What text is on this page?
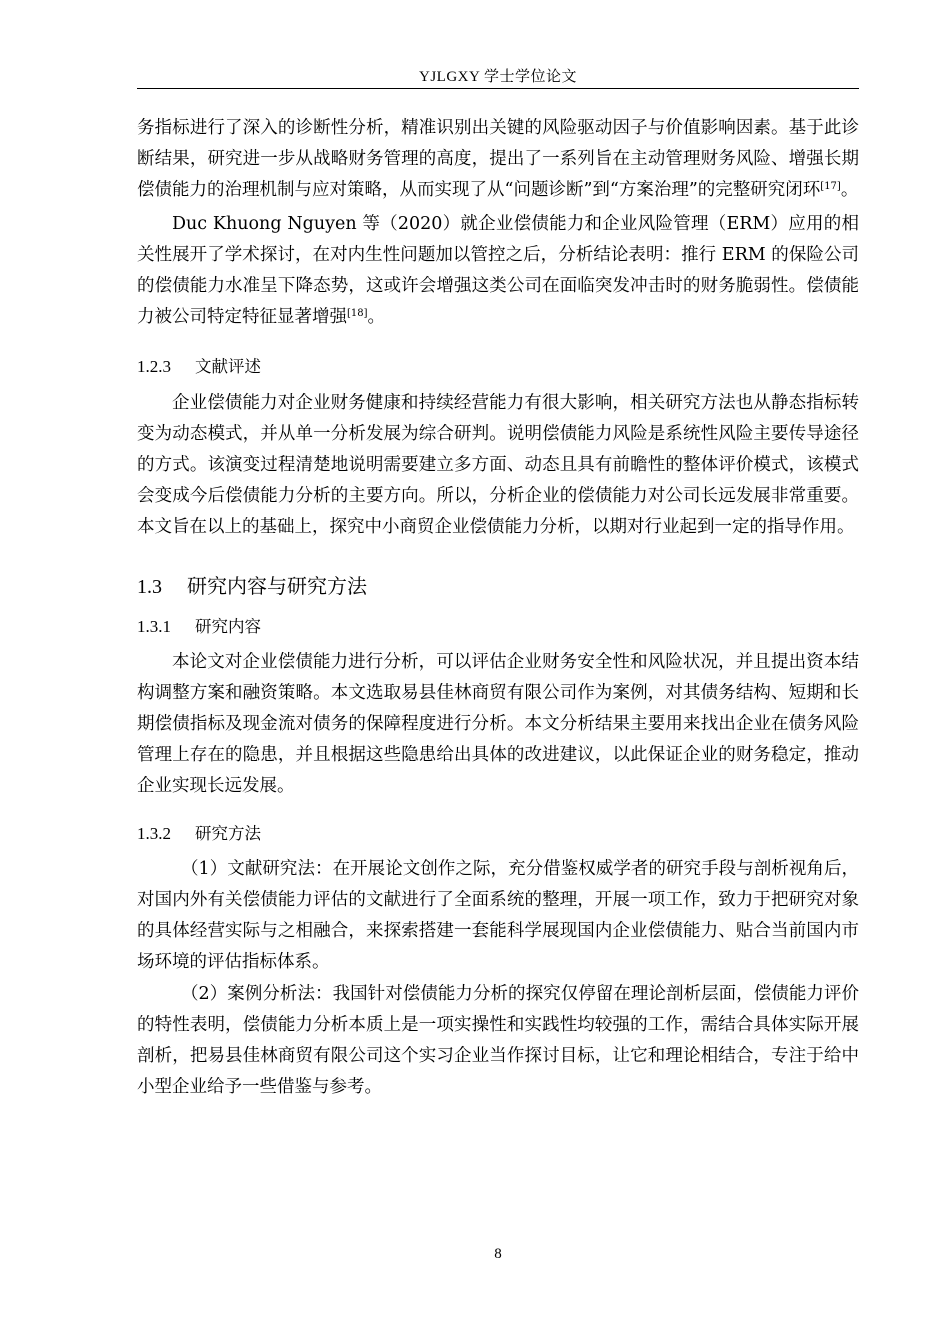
YJLGXY 学士学位论文

务指标进行了深入的诊断性分析，精准识别出关键的风险驱动因子与价值影响因素。基于此诊断结果，研究进一步从战略财务管理的高度，提出了一系列旨在主动管理财务风险、增强长期偿债能力的治理机制与应对策略，从而实现了从“问题诊断”到“方案治理”的完整研究闭环[17]。

Duc Khuong Nguyen 等（2020）就企业偿债能力和企业风险管理（ERM）应用的相关性展开了学术探讨，在对内生性问题加以管控之后，分析结论表明：推行 ERM 的保险公司的偿债能力水准呈下降态势，这或许会增强这类公司在面临突发冲击时的财务脆弱性。偿债能力被公司特定特征显著增强[18]。

1.2.3 文献评述

企业偿债能力对企业财务健康和持续经营能力有很大影响，相关研究方法也从静态指标转变为动态模式，并从单一分析发展为综合研判。说明偿债能力风险是系统性风险主要传导途径的方式。该演变过程清楚地说明需要建立多方面、动态且具有前瞻性的整体评价模式，该模式会变成今后偿债能力分析的主要方向。所以，分析企业的偿债能力对公司长远发展非常重要。本文旨在以上的基础上，探究中小商贸企业偿债能力分析，以期对行业起到一定的指导作用。

1.3 研究内容与研究方法
1.3.1 研究内容

本论文对企业偿债能力进行分析，可以评估企业财务安全性和风险状况，并且提出资本结构调整方案和融资策略。本文选取易县佳林商贸有限公司作为案例，对其债务结构、短期和长期偿债指标及现金流对债务的保障程度进行分析。本文分析结果主要用来找出企业在债务风险管理上存在的隐患，并且根据这些隐患给出具体的改进建议，以此保证企业的财务稳定，推动企业实现长远发展。

1.3.2 研究方法

（1）文献研究法：在开展论文创作之际，充分借鉴权威学者的研究手段与剖析视角后，对国内外有关偿债能力评估的文献进行了全面系统的整理，开展一项工作，致力于把研究对象的具体经营实际与之相融合，来探索搭建一套能科学展现国内企业偿债能力、贴合当前国内市场环境的评估指标体系。

（2）案例分析法：我国针对偿债能力分析的探究仅停留在理论剖析层面，偿债能力评价的特性表明，偿债能力分析本质上是一项实操性和实践性均较强的工作，需结合具体实际开展剖析，把易县佳林商贸有限公司这个实习企业当作探讨目标，让它和理论相结合，专注于给中小型企业给予一些借鉴与参考。

8
